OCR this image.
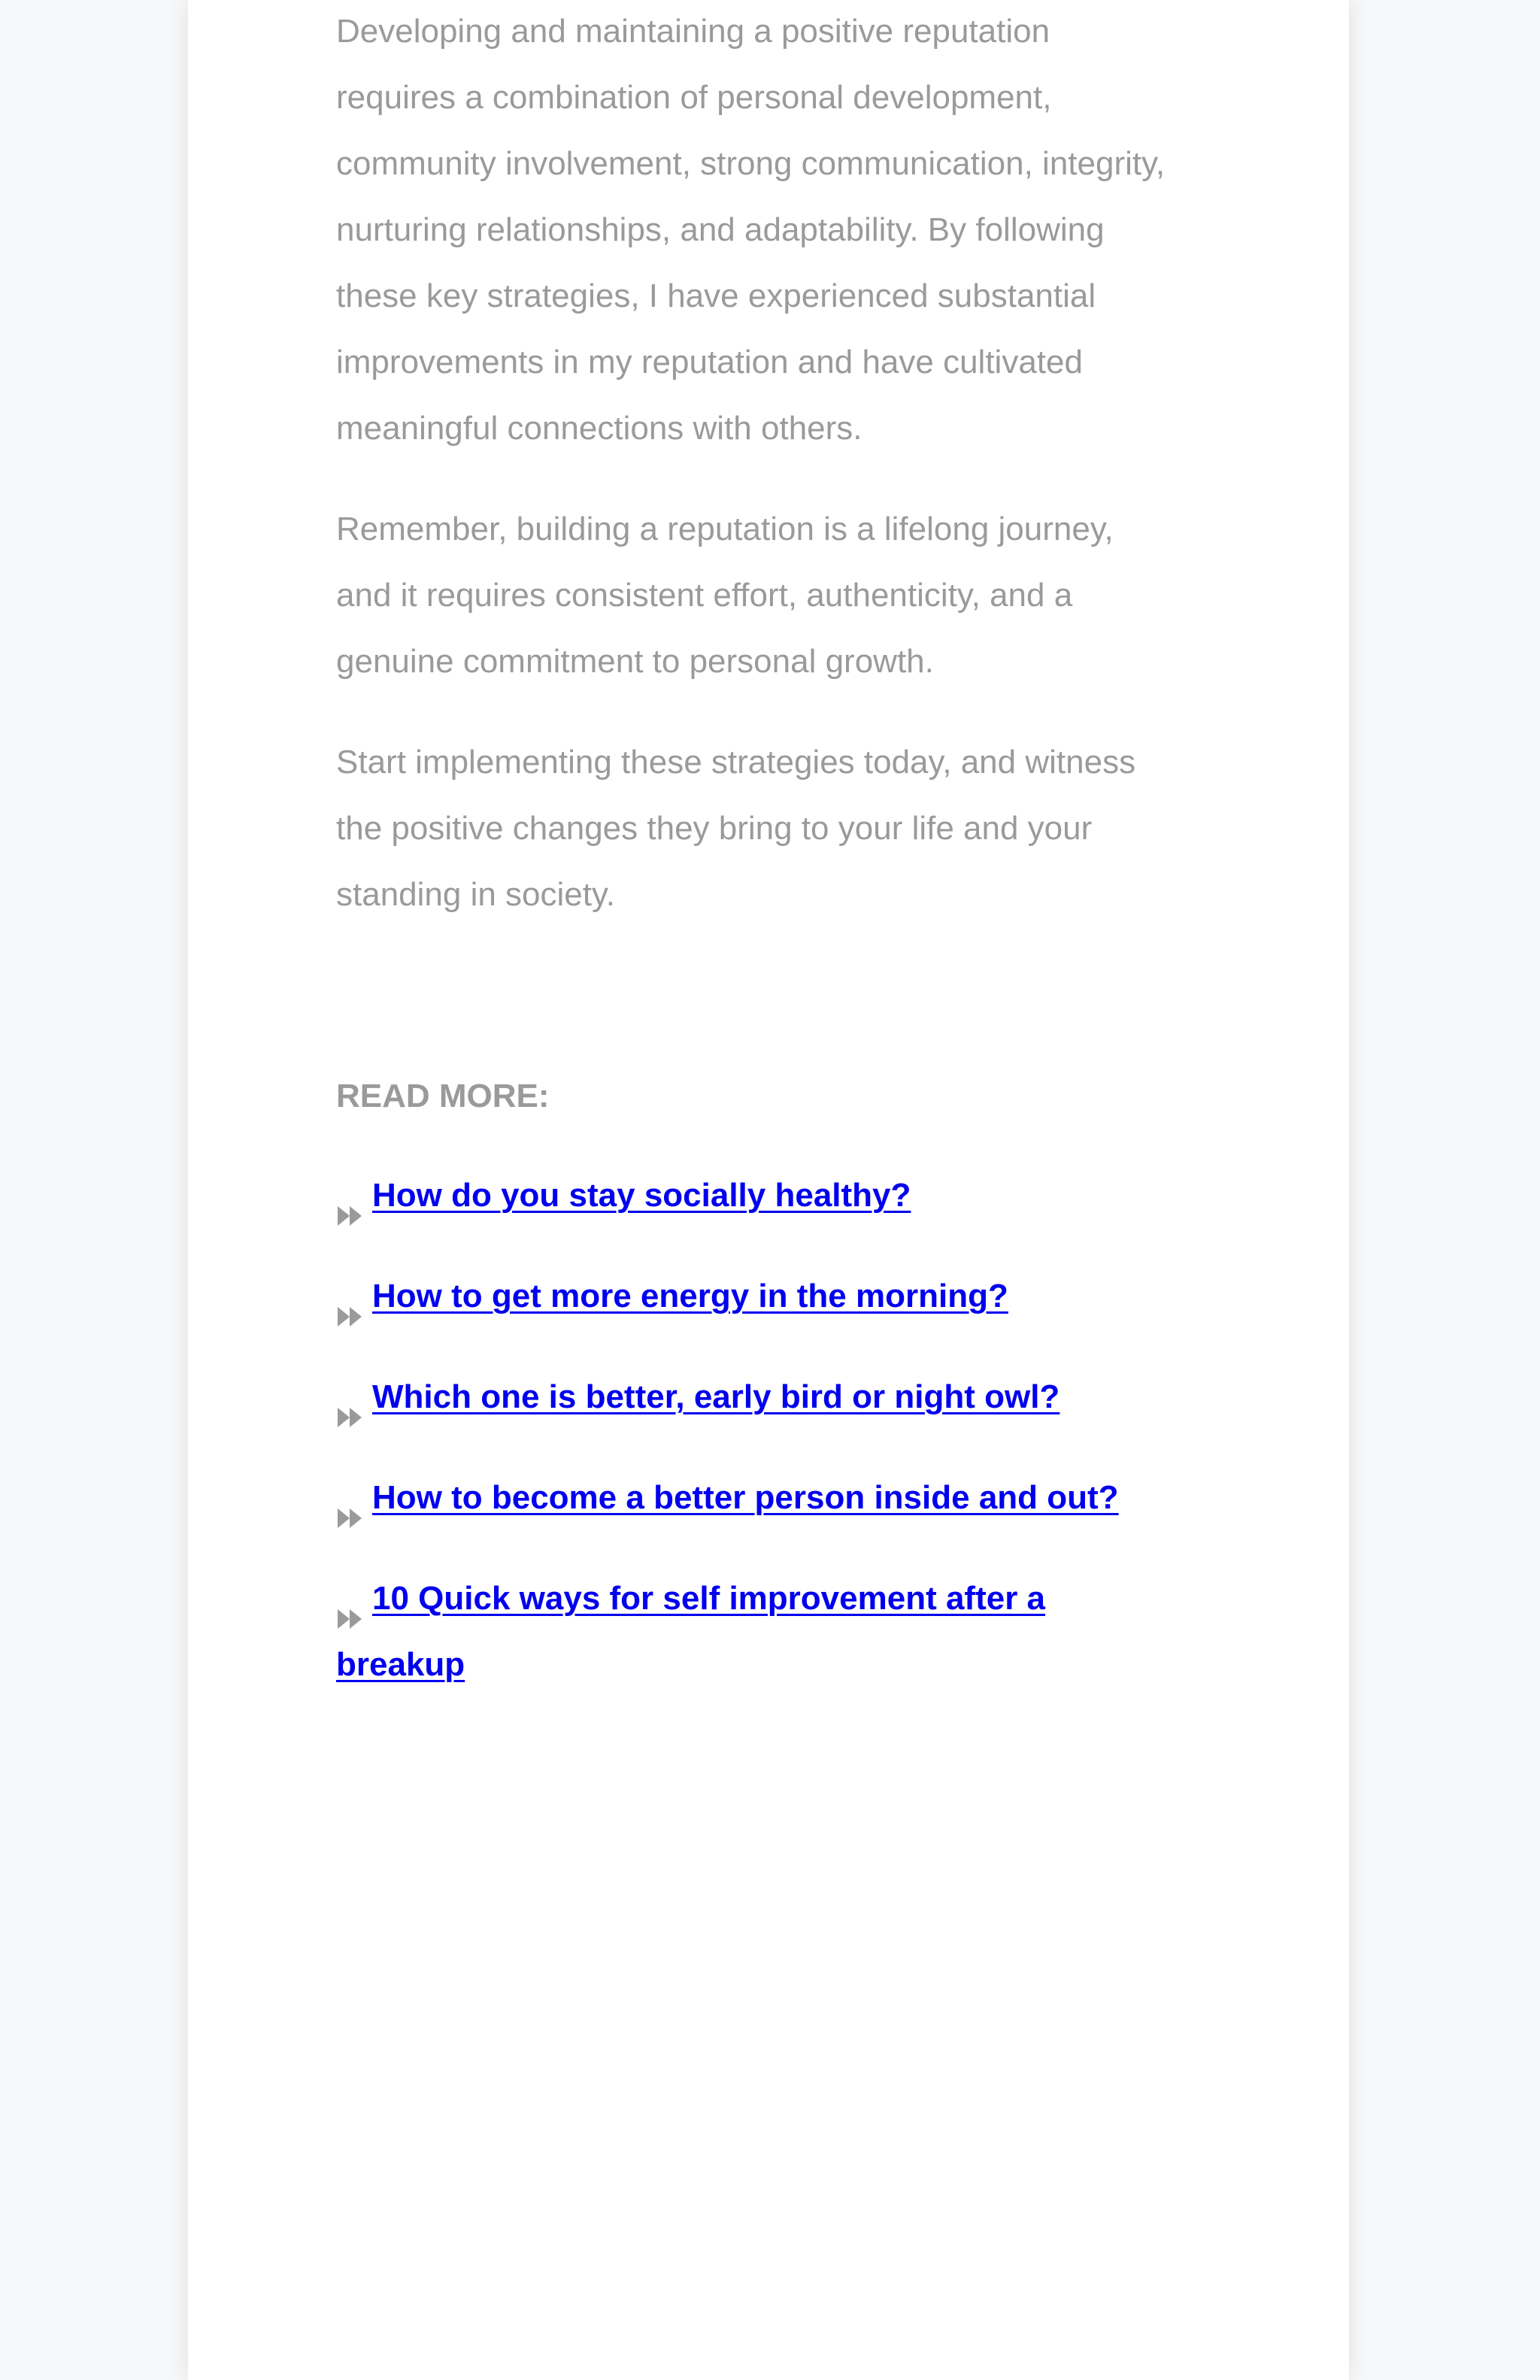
Developing and maintaining a positive reputation
requires a combination of personal development,
community involvement, strong communication, integrity,
nurturing relationships, and adaptability. By following
these key strategies, I have experienced substantial
improvements in my reputation and have cultivated
meaningful connections with others.

Remember, building a reputation is a lifelong journey,
and it requires consistent effort, authenticity, and a
genuine commitment to personal growth.

Start implementing these strategies today, and witness
the positive changes they bring to your life and your
standing in society.

READ MORE:

How do you stay socially healthy?
How to get more energy in the morning?
Which one is better, early bird or night owl?
How to become a better person inside and out?
10 Quick ways for self improvement after a
breakup
